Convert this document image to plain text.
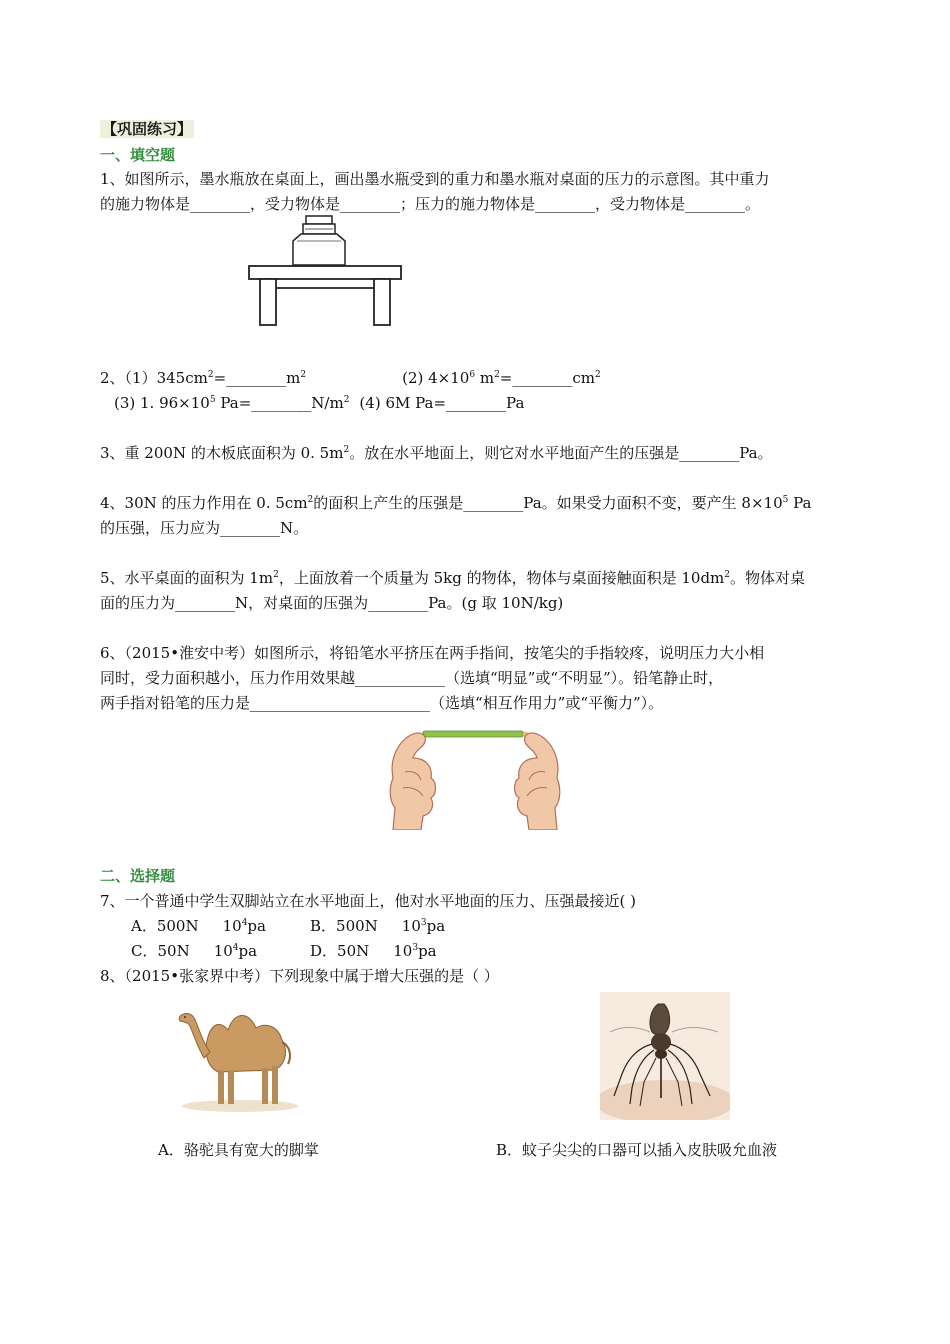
【巩固练习】
一、填空题
1、如图所示，墨水瓶放在桌面上，画出墨水瓶受到的重力和墨水瓶对桌面的压力的示意图。其中重力
的施力物体是________，受力物体是________；压力的施力物体是________，受力物体是________。
2、$(1)345cm^2=\_\_\_\_\_\_\_\_m^2$	(2) $4\times 10^6$ $m^2=\_\_\_\_\_\_\_\_cm^2$
(3) 1. $96\times 10^5$ $Pa=\_\_\_\_\_\_\_\_N/m^2$ (4) 6M Pa=________Pa
3、重 200N 的木板底面积为 0. $5m^2$。放在水平地面上，则它对水平地面产生的压强是________Pa。
4、30N 的压力作用在 0. $5cm^2$的面积上产生的压强是________Pa。如果受力面积不变，要产生 $8\times 10^5$ Pa
的压强，压力应为________N。
5、水平桌面的面积为 $1m^2$，上面放着一个质量为 5kg 的物体，物体与桌面接触面积是 $10dm^2$。物体对桌
面的压力为________N，对桌面的压强为________Pa。(g 取 10N/kg)
6、（2015•淮安中考）如图所示，将铅笔水平挤压在两手指间，按笔尖的手指较疼，说明压力大小相
同时，受力面积越小，压力作用效果越____________（选填“明显”或“不明显”）。铅笔静止时，
两手指对铅笔的压力是________________________（选填“相互作用力”或“平衡力”）。
二、选择题
7、一个普通中学生双脚站立在水平地面上，他对水平地面的压力、压强最接近( )
A．500N $10^4pa$	B．500N $10^3pa$
C．50N $10^4pa$	D．50N $10^3pa$
8、（2015•张家界中考）下列现象中属于增大压强的是（ ）
A．骆驼具有宽大的脚掌	B．蚊子尖尖的口器可以插入皮肤吸允血液
